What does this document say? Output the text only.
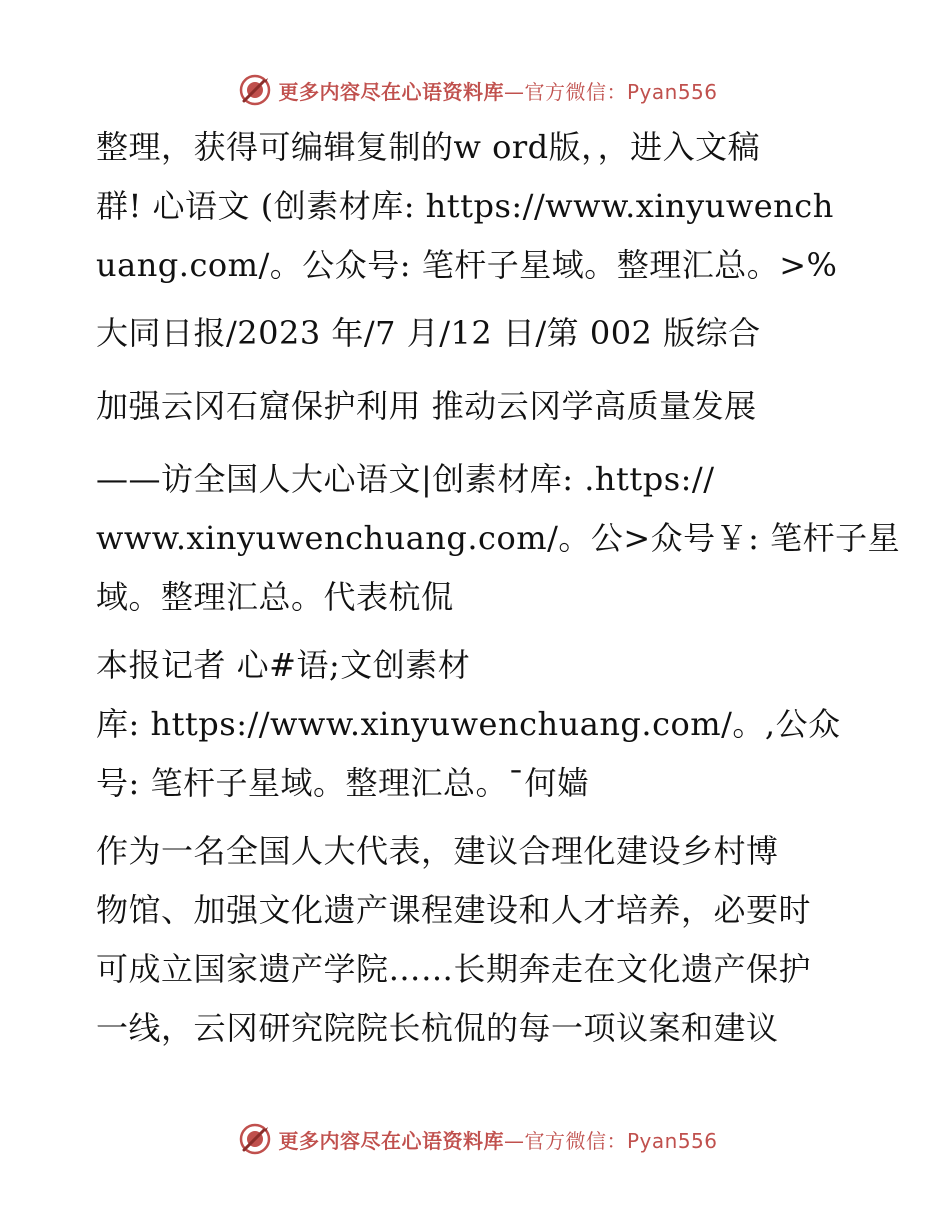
更多内容尽在心语资料库—官方微信：Pyan556
整理，获得可编辑复制的w ord版，，进入文稿
群! 心语文 (创素材库: https://www.xinyuwench
uang.com/。公众号: 笔杆子星域。整理汇总。>%
大同日报/2023 年/7 月/12 日/第 002 版综合
加强云冈石窟保护利用 推动云冈学高质量发展
——访全国人大心语文|创素材库: .https://
www.xinyuwenchuang.com/。公>众号￥: 笔杆子星
域。整理汇总。代表杭侃
本报记者 心#语;文创素材
库: https://www.xinyuwenchuang.com/。,公众
号: 笔杆子星域。整理汇总。¯何嫱
作为一名全国人大代表，建议合理化建设乡村博
物馆、加强文化遗产课程建设和人才培养，必要时
可成立国家遗产学院……长期奔走在文化遗产保护
一线，云冈研究院院长杭侃的每一项议案和建议
更多内容尽在心语资料库—官方微信：Pyan556
